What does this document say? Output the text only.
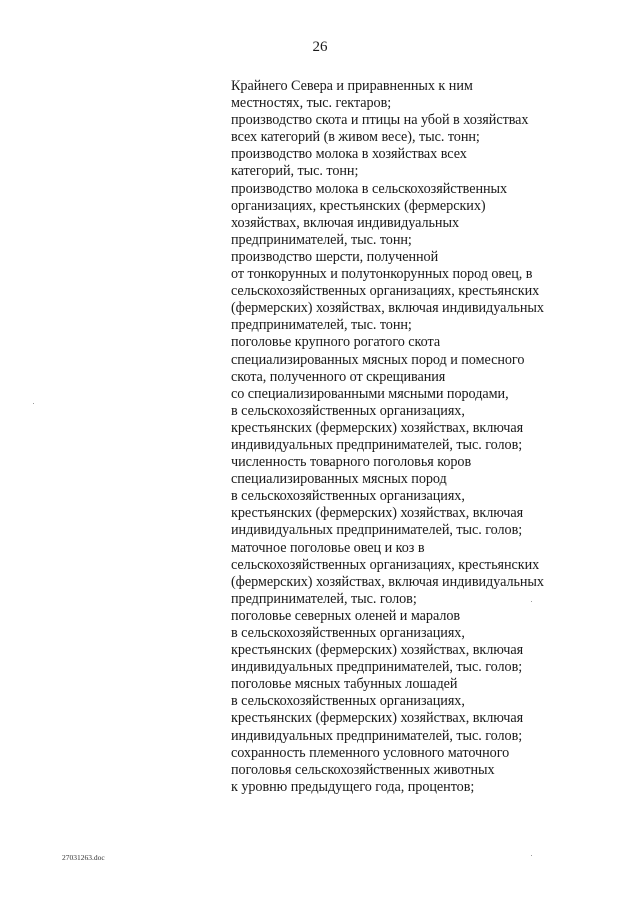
26
Крайнего Севера и приравненных к ним
местностях, тыс. гектаров;
производство скота и птицы на убой в хозяйствах
всех категорий (в живом весе), тыс. тонн;
производство молока в хозяйствах всех
категорий, тыс. тонн;
производство молока в сельскохозяйственных
организациях, крестьянских (фермерских)
хозяйствах, включая индивидуальных
предпринимателей, тыс. тонн;
производство шерсти, полученной
от тонкорунных и полутонкорунных пород овец, в
сельскохозяйственных организациях, крестьянских
(фермерских) хозяйствах, включая индивидуальных
предпринимателей, тыс. тонн;
поголовье крупного рогатого скота
специализированных мясных пород и помесного
скота, полученного от скрещивания
со специализированными мясными породами,
в сельскохозяйственных организациях,
крестьянских (фермерских) хозяйствах, включая
индивидуальных предпринимателей, тыс. голов;
численность товарного поголовья коров
специализированных мясных пород
в сельскохозяйственных организациях,
крестьянских (фермерских) хозяйствах, включая
индивидуальных предпринимателей, тыс. голов;
маточное поголовье овец и коз в
сельскохозяйственных организациях, крестьянских
(фермерских) хозяйствах, включая индивидуальных
предпринимателей, тыс. голов;
поголовье северных оленей и маралов
в сельскохозяйственных организациях,
крестьянских (фермерских) хозяйствах, включая
индивидуальных предпринимателей, тыс. голов;
поголовье мясных табунных лошадей
в сельскохозяйственных организациях,
крестьянских (фермерских) хозяйствах, включая
индивидуальных предпринимателей, тыс. голов;
сохранность племенного условного маточного
поголовья сельскохозяйственных животных
к уровню предыдущего года, процентов;
27031263.doc
